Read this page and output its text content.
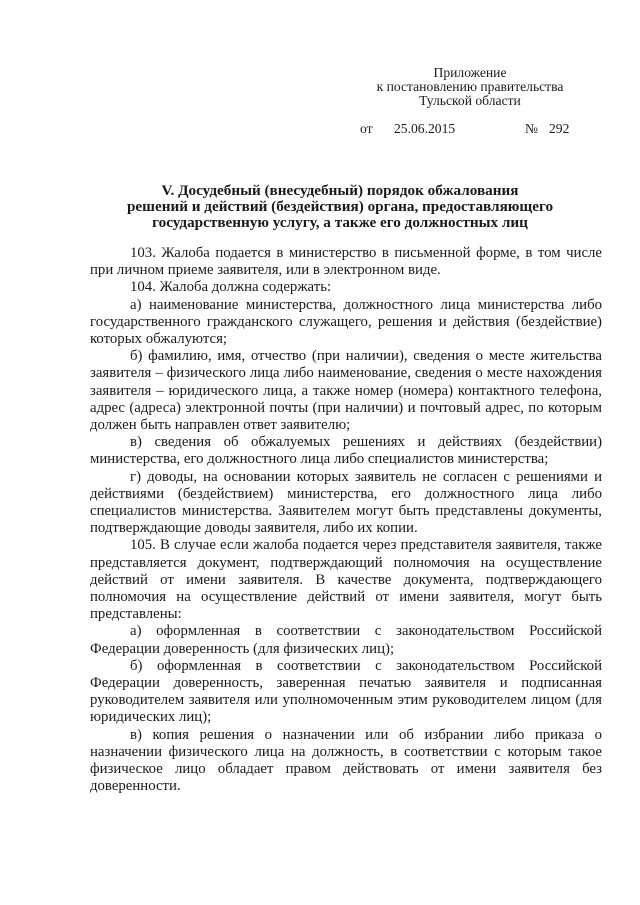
Приложение
к постановлению правительства
Тульской области
от 25.06.2015	№ 292
V. Досудебный (внесудебный) порядок обжалования
решений и действий (бездействия) органа, предоставляющего
государственную услугу, а также его должностных лиц

103. Жалоба подается в министерство в письменной форме, в том числе при личном приеме заявителя, или в электронном виде.

104. Жалоба должна содержать:

а) наименование министерства, должностного лица министерства либо государственного гражданского служащего, решения и действия (бездействие) которых обжалуются;

б) фамилию, имя, отчество (при наличии), сведения о месте жительства заявителя – физического лица либо наименование, сведения о месте нахождения заявителя – юридического лица, а также номер (номера) контактного телефона, адрес (адреса) электронной почты (при наличии) и почтовый адрес, по которым должен быть направлен ответ заявителю;

в) сведения об обжалуемых решениях и действиях (бездействии) министерства, его должностного лица либо специалистов министерства;

г) доводы, на основании которых заявитель не согласен с решениями и действиями (бездействием) министерства, его должностного лица либо специалистов министерства. Заявителем могут быть представлены документы, подтверждающие доводы заявителя, либо их копии.

105. В случае если жалоба подается через представителя заявителя, также представляется документ, подтверждающий полномочия на осуществление действий от имени заявителя. В качестве документа, подтверждающего полномочия на осуществление действий от имени заявителя, могут быть представлены:

а) оформленная в соответствии с законодательством Российской Федерации доверенность (для физических лиц);

б) оформленная в соответствии с законодательством Российской Федерации доверенность, заверенная печатью заявителя и подписанная руководителем заявителя или уполномоченным этим руководителем лицом (для юридических лиц);

в) копия решения о назначении или об избрании либо приказа о назначении физического лица на должность, в соответствии с которым такое физическое лицо обладает правом действовать от имени заявителя без доверенности.
